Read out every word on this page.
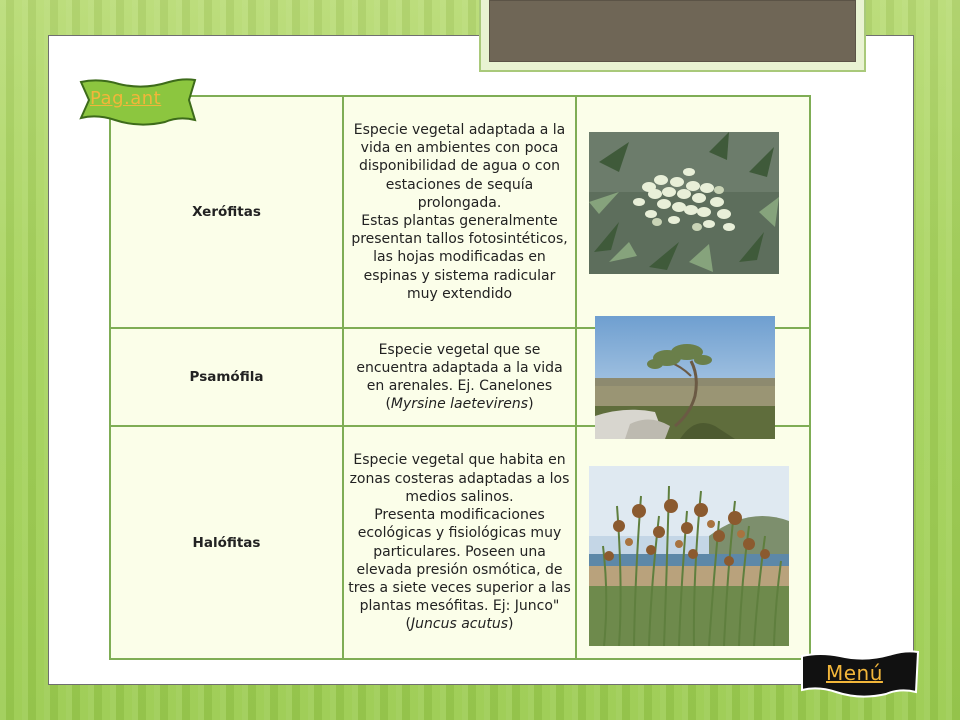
Xerófitas	Especie vegetal adaptada a la vida en ambientes con poca disponibilidad de agua o con estaciones de sequía prolongada.

Estas plantas generalmente presentan tallos fotosintéticos, las hojas modificadas en espinas y sistema radicular muy extendido

Psamófila	Especie vegetal que se encuentra adaptada a la vida en arenales. Ej. Canelones (Myrsine laetevirens)	

Halófitas	Especie vegetal que habita en zonas costeras adaptadas a los medios salinos.

Presenta modificaciones ecológicas y fisiológicas muy particulares. Poseen una elevada presión osmótica, de tres a siete veces superior a las plantas mesófitas. Ej: Junco" (Juncus acutus)

Pag.ant
Menú
